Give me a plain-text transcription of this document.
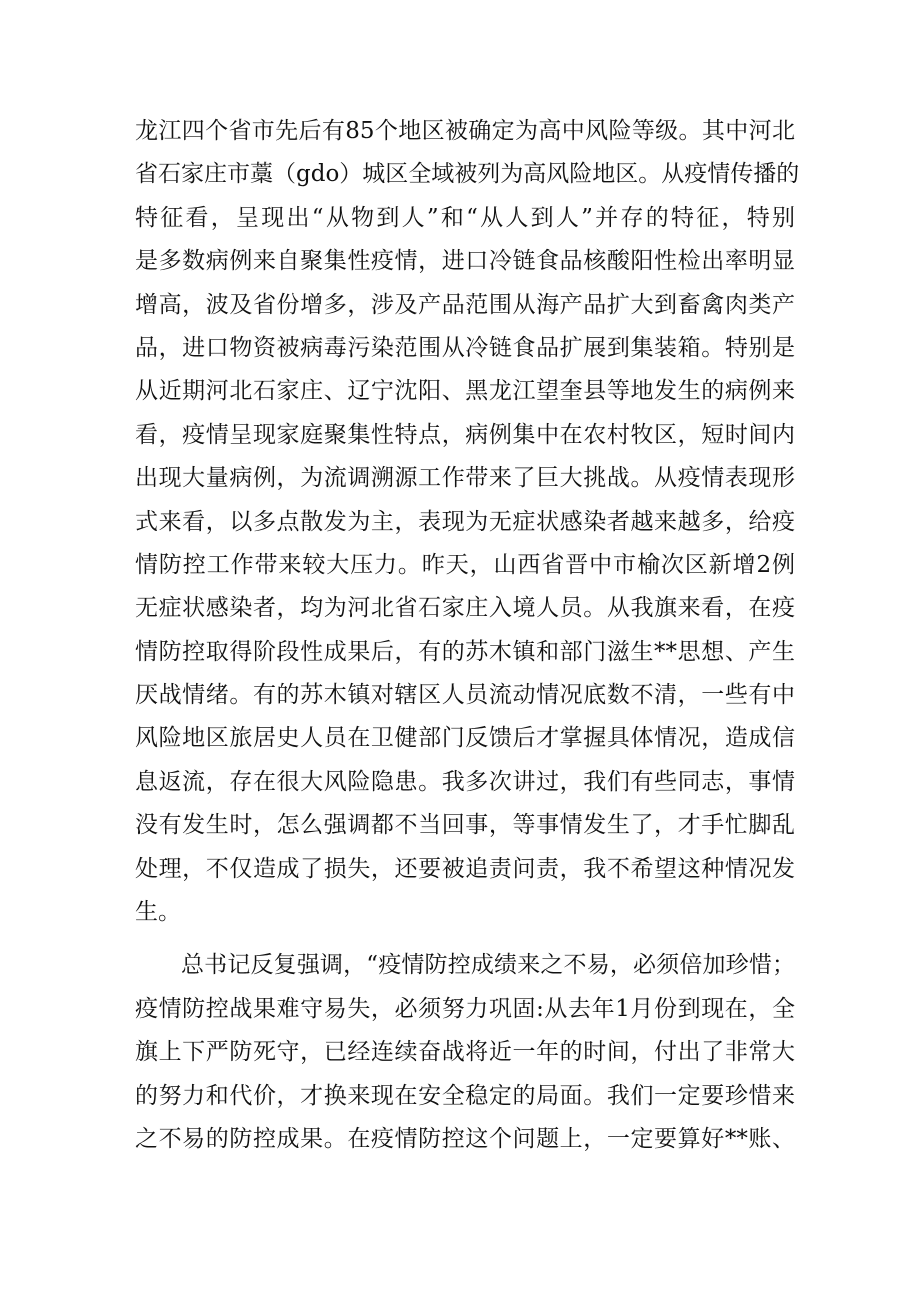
龙江四个省市先后有85个地区被确定为高中风险等级。其中河北
省石家庄市藁（gdo）城区全域被列为高风险地区。从疫情传播的
特征看，呈现出“从物到人”和“从人到人”并存的特征，特别
是多数病例来自聚集性疫情，进口冷链食品核酸阳性检出率明显
增高，波及省份增多，涉及产品范围从海产品扩大到畜禽肉类产
品，进口物资被病毒污染范围从冷链食品扩展到集装箱。特别是
从近期河北石家庄、辽宁沈阳、黑龙江望奎县等地发生的病例来
看，疫情呈现家庭聚集性特点，病例集中在农村牧区，短时间内
出现大量病例，为流调溯源工作带来了巨大挑战。从疫情表现形
式来看，以多点散发为主，表现为无症状感染者越来越多，给疫
情防控工作带来较大压力。昨天，山西省晋中市榆次区新增2例
无症状感染者，均为河北省石家庄入境人员。从我旗来看，在疫
情防控取得阶段性成果后，有的苏木镇和部门滋生**思想、产生
厌战情绪。有的苏木镇对辖区人员流动情况底数不清，一些有中
风险地区旅居史人员在卫健部门反馈后才掌握具体情况，造成信
息返流，存在很大风险隐患。我多次讲过，我们有些同志，事情
没有发生时，怎么强调都不当回事，等事情发生了，才手忙脚乱
处理，不仅造成了损失，还要被追责问责，我不希望这种情况发
生。
总书记反复强调，“疫情防控成绩来之不易，必须倍加珍惜；
疫情防控战果难守易失，必须努力巩固:从去年1月份到现在，全
旗上下严防死守，已经连续奋战将近一年的时间，付出了非常大
的努力和代价，才换来现在安全稳定的局面。我们一定要珍惜来
之不易的防控成果。在疫情防控这个问题上，一定要算好**账、
